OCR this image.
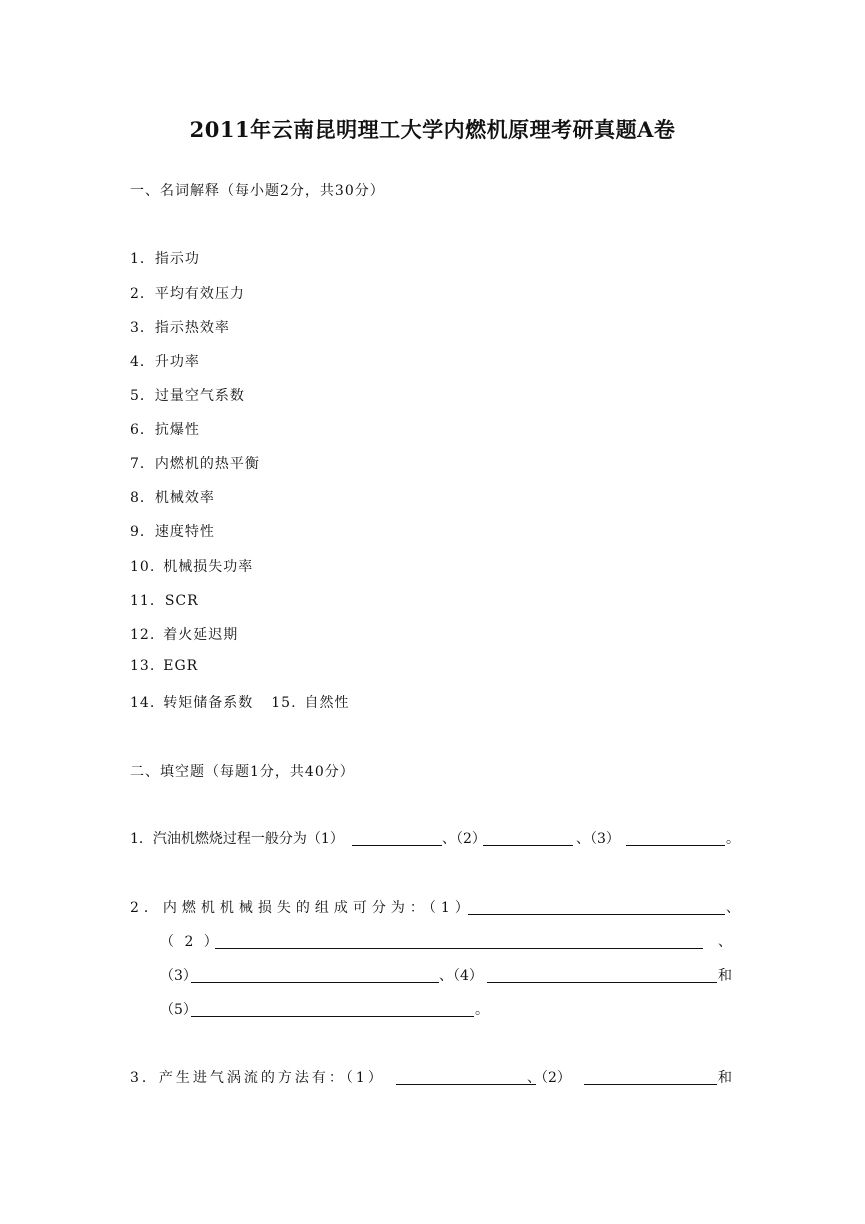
2011年云南昆明理工大学内燃机原理考研真题A卷
一、名词解释（每小题2分，共30分）
1．指示功
2．平均有效压力
3．指示热效率
4．升功率
5．过量空气系数
6．抗爆性
7．内燃机的热平衡
8．机械效率
9．速度特性
10. 机械损失功率
11．SCR
12. 着火延迟期
13. EGR
14. 转矩储备系数 15. 自然性
二、填空题（每题1分，共40分）
1．汽油机燃烧过程一般分为（1）	、（2）	、（3）	。
2．内燃机机械损失的组成可分为：（1）	、
（ 2 ）	、
（3）	、（4）	和
（5）	。
3．产生进气涡流的方法有：（1）	、（2）	和
